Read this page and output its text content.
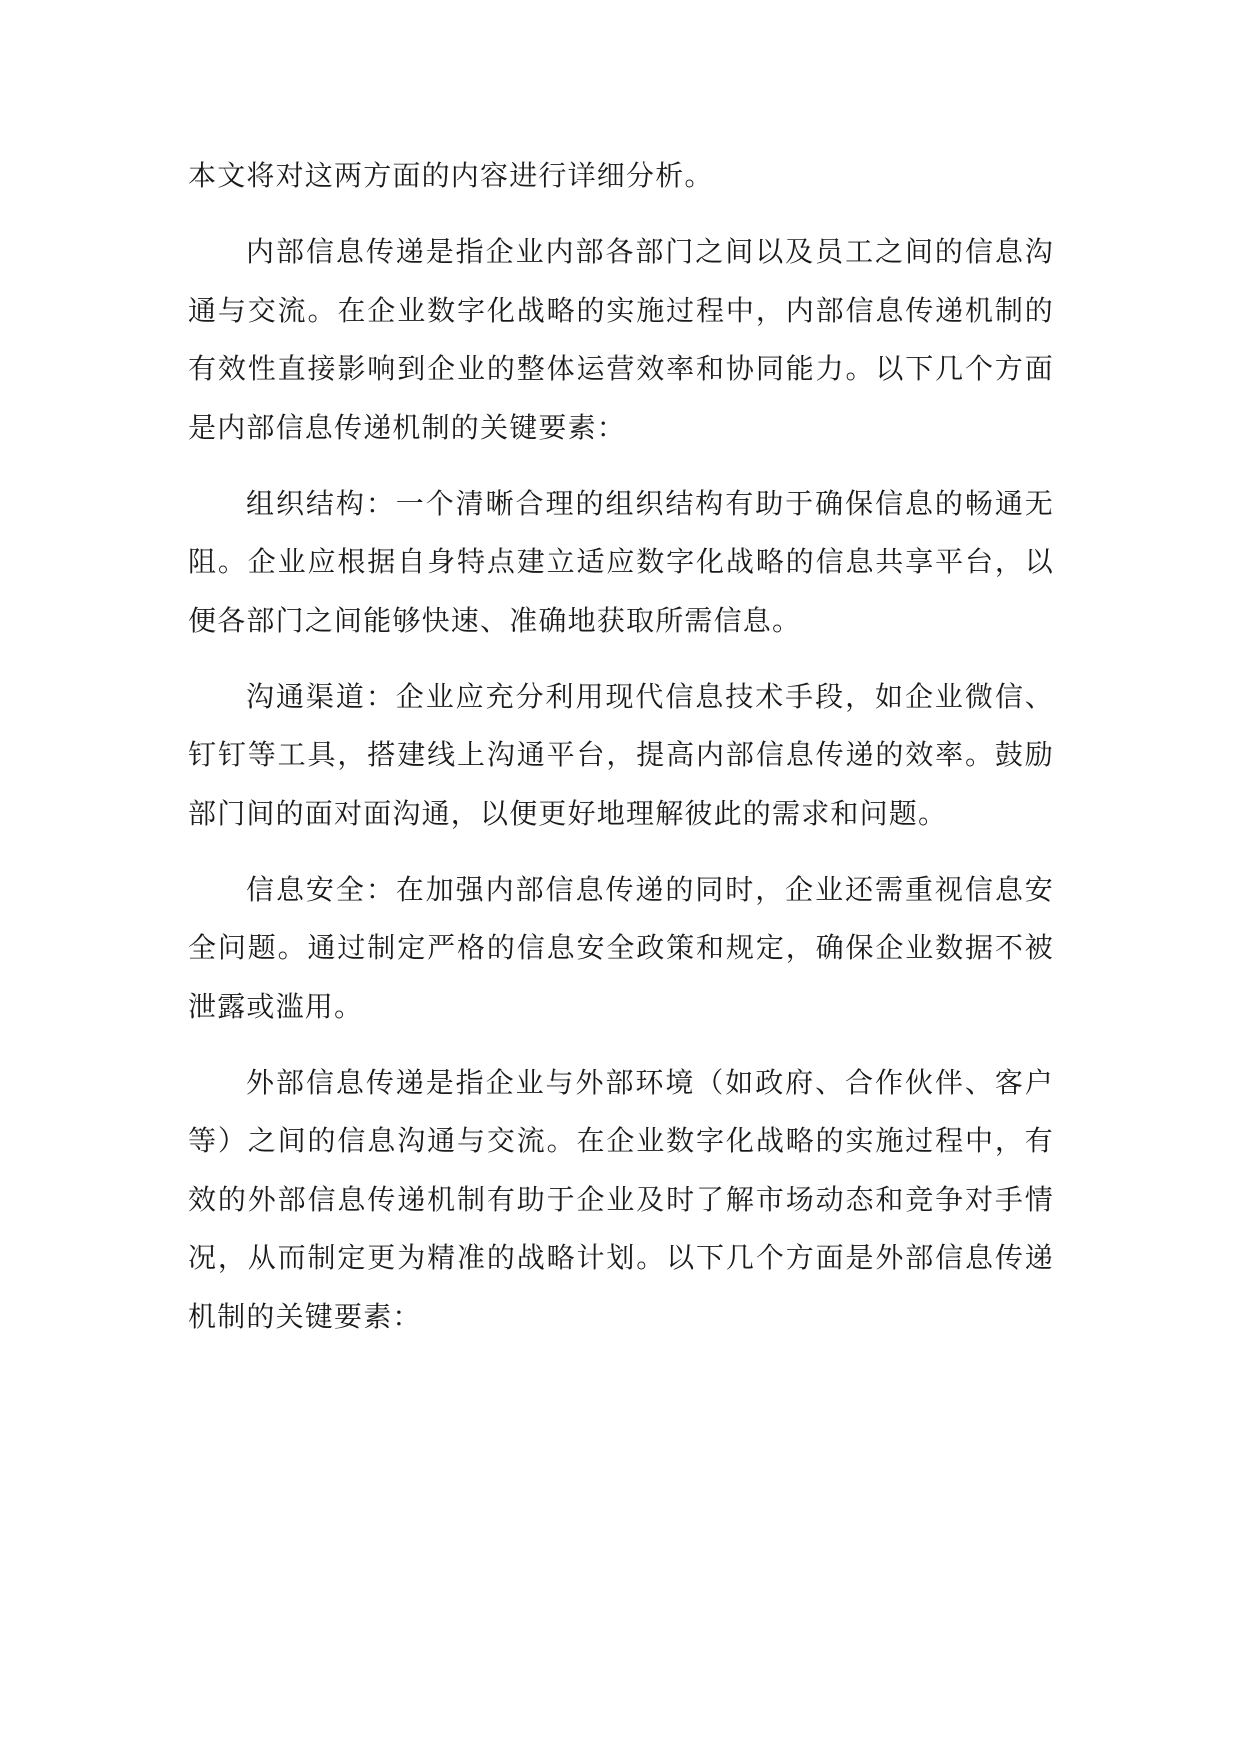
本文将对这两方面的内容进行详细分析。

内部信息传递是指企业内部各部门之间以及员工之间的信息沟通与交流。在企业数字化战略的实施过程中，内部信息传递机制的有效性直接影响到企业的整体运营效率和协同能力。以下几个方面是内部信息传递机制的关键要素：

组织结构：一个清晰合理的组织结构有助于确保信息的畅通无阻。企业应根据自身特点建立适应数字化战略的信息共享平台，以便各部门之间能够快速、准确地获取所需信息。

沟通渠道：企业应充分利用现代信息技术手段，如企业微信、钉钉等工具，搭建线上沟通平台，提高内部信息传递的效率。鼓励部门间的面对面沟通，以便更好地理解彼此的需求和问题。

信息安全：在加强内部信息传递的同时，企业还需重视信息安全问题。通过制定严格的信息安全政策和规定，确保企业数据不被泄露或滥用。

外部信息传递是指企业与外部环境（如政府、合作伙伴、客户等）之间的信息沟通与交流。在企业数字化战略的实施过程中，有效的外部信息传递机制有助于企业及时了解市场动态和竞争对手情况，从而制定更为精准的战略计划。以下几个方面是外部信息传递机制的关键要素：
